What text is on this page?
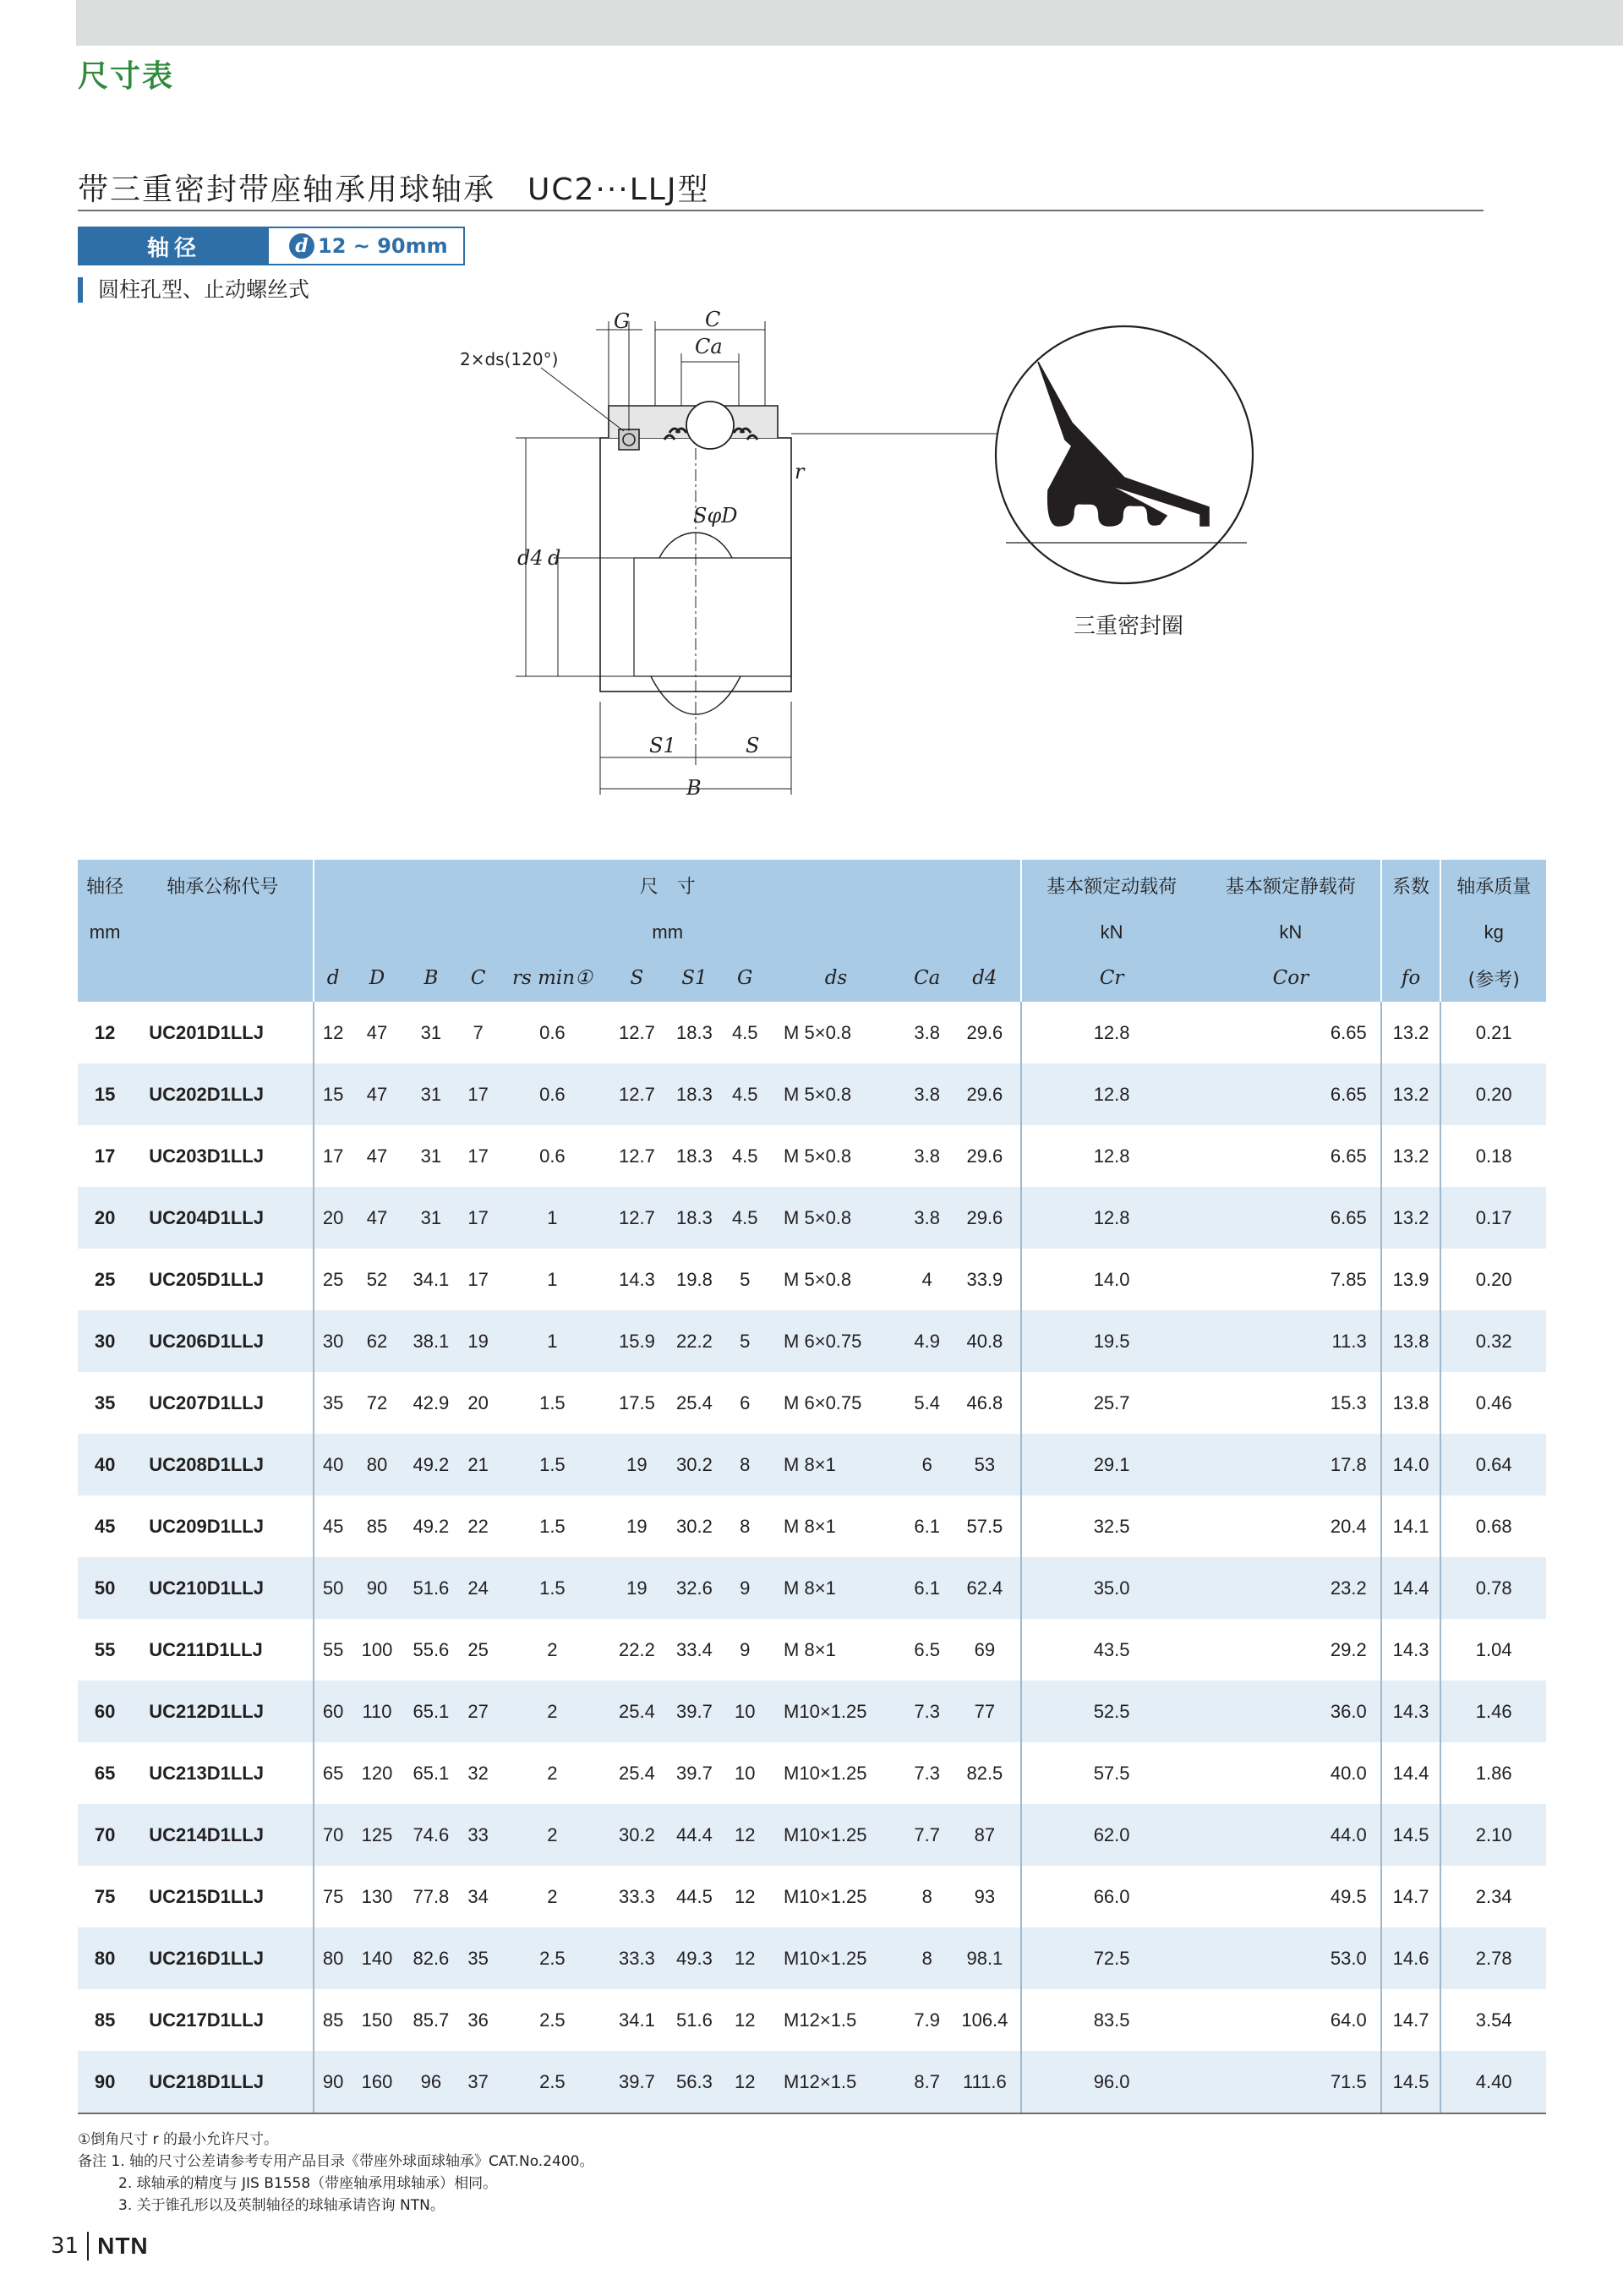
尺寸表
带三重密封带座轴承用球轴承　UC2···LLJ型
轴径	d 12 ~ 90mm
圆柱孔型、止动螺丝式
G	C
Ca
r
SφD
d4 d
S1	S
B
2×ds(120°)
三重密封圈
轴径	轴承公称代号	尺　寸											基本额定动载荷	基本额定静载荷	系数	轴承质量
mm		mm											kN	kN		kg
		d	D	B	C	rs min①	S	S1	G	ds	Ca	d4	Cr	Cor	fo	(参考)
12	UC201D1LLJ	12	47	31	7	0.6	12.7	18.3	4.5	M 5×0.8	3.8	29.6	12.8	6.65	13.2	0.21
15	UC202D1LLJ	15	47	31	17	0.6	12.7	18.3	4.5	M 5×0.8	3.8	29.6	12.8	6.65	13.2	0.20
17	UC203D1LLJ	17	47	31	17	0.6	12.7	18.3	4.5	M 5×0.8	3.8	29.6	12.8	6.65	13.2	0.18
20	UC204D1LLJ	20	47	31	17	1	12.7	18.3	4.5	M 5×0.8	3.8	29.6	12.8	6.65	13.2	0.17
25	UC205D1LLJ	25	52	34.1	17	1	14.3	19.8	5	M 5×0.8	4	33.9	14.0	7.85	13.9	0.20
30	UC206D1LLJ	30	62	38.1	19	1	15.9	22.2	5	M 6×0.75	4.9	40.8	19.5	11.3	13.8	0.32
35	UC207D1LLJ	35	72	42.9	20	1.5	17.5	25.4	6	M 6×0.75	5.4	46.8	25.7	15.3	13.8	0.46
40	UC208D1LLJ	40	80	49.2	21	1.5	19	30.2	8	M 8×1	6	53	29.1	17.8	14.0	0.64
45	UC209D1LLJ	45	85	49.2	22	1.5	19	30.2	8	M 8×1	6.1	57.5	32.5	20.4	14.1	0.68
50	UC210D1LLJ	50	90	51.6	24	1.5	19	32.6	9	M 8×1	6.1	62.4	35.0	23.2	14.4	0.78
55	UC211D1LLJ	55	100	55.6	25	2	22.2	33.4	9	M 8×1	6.5	69	43.5	29.2	14.3	1.04
60	UC212D1LLJ	60	110	65.1	27	2	25.4	39.7	10	M10×1.25	7.3	77	52.5	36.0	14.3	1.46
65	UC213D1LLJ	65	120	65.1	32	2	25.4	39.7	10	M10×1.25	7.3	82.5	57.5	40.0	14.4	1.86
70	UC214D1LLJ	70	125	74.6	33	2	30.2	44.4	12	M10×1.25	7.7	87	62.0	44.0	14.5	2.10
75	UC215D1LLJ	75	130	77.8	34	2	33.3	44.5	12	M10×1.25	8	93	66.0	49.5	14.7	2.34
80	UC216D1LLJ	80	140	82.6	35	2.5	33.3	49.3	12	M10×1.25	8	98.1	72.5	53.0	14.6	2.78
85	UC217D1LLJ	85	150	85.7	36	2.5	34.1	51.6	12	M12×1.5	7.9	106.4	83.5	64.0	14.7	3.54
90	UC218D1LLJ	90	160	96	37	2.5	39.7	56.3	12	M12×1.5	8.7	111.6	96.0	71.5	14.5	4.40
①倒角尺寸 r 的最小允许尺寸。
备注 1. 轴的尺寸公差请参考专用产品目录《带座外球面球轴承》CAT.No.2400。
2. 球轴承的精度与 JIS B1558（带座轴承用球轴承）相同。
3. 关于锥孔形以及英制轴径的球轴承请咨询 NTN。
31 NTN
